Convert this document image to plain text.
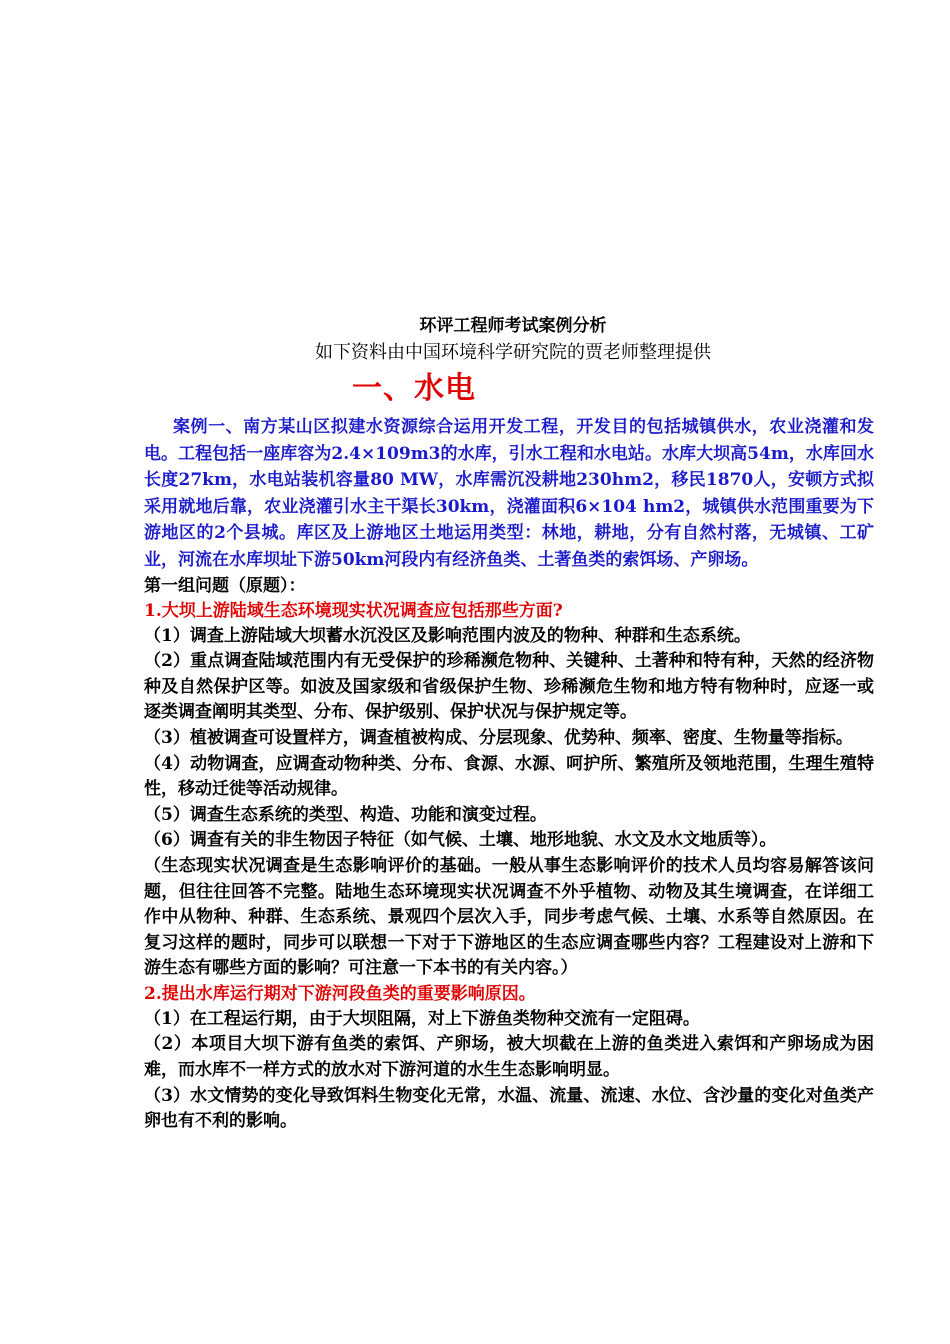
环评工程师考试案例分析

如下资料由中国环境科学研究院的贾老师整理提供

一、水电

案例一、南方某山区拟建水资源综合运用开发工程，开发目的包括城镇供水，农业浇灌和发电。工程包括一座库容为2.4×109m3的水库，引水工程和水电站。水库大坝高54m，水库回水长度27km，水电站装机容量80 MW，水库需沉没耕地230hm2，移民1870人，安顿方式拟采用就地后靠，农业浇灌引水主干渠长30km，浇灌面积6×104 hm2，城镇供水范围重要为下游地区的2个县城。库区及上游地区土地运用类型：林地，耕地，分有自然村落，无城镇、工矿业，河流在水库坝址下游50km河段内有经济鱼类、土著鱼类的索饵场、产卵场。

第一组问题（原题）：

1.大坝上游陆域生态环境现实状况调查应包括那些方面?

（1）调查上游陆域大坝蓄水沉没区及影响范围内波及的物种、种群和生态系统。

（2）重点调查陆域范围内有无受保护的珍稀濒危物种、关键种、土著种和特有种，天然的经济物种及自然保护区等。如波及国家级和省级保护生物、珍稀濒危生物和地方特有物种时，应逐一或逐类调查阐明其类型、分布、保护级别、保护状况与保护规定等。

（3）植被调查可设置样方，调查植被构成、分层现象、优势种、频率、密度、生物量等指标。

（4）动物调查，应调查动物种类、分布、食源、水源、呵护所、繁殖所及领地范围，生理生殖特性，移动迁徙等活动规律。

（5）调查生态系统的类型、构造、功能和演变过程。

（6）调查有关的非生物因子特征（如气候、土壤、地形地貌、水文及水文地质等）。

（生态现实状况调查是生态影响评价的基础。一般从事生态影响评价的技术人员均容易解答该问题，但往往回答不完整。陆地生态环境现实状况调查不外乎植物、动物及其生境调查，在详细工作中从物种、种群、生态系统、景观四个层次入手，同步考虑气候、土壤、水系等自然原因。在复习这样的题时，同步可以联想一下对于下游地区的生态应调查哪些内容？工程建设对上游和下游生态有哪些方面的影响？可注意一下本书的有关内容。）

2.提出水库运行期对下游河段鱼类的重要影响原因。

（1）在工程运行期，由于大坝阻隔，对上下游鱼类物种交流有一定阻碍。

（2）本项目大坝下游有鱼类的索饵、产卵场，被大坝截在上游的鱼类进入索饵和产卵场成为困难，而水库不一样方式的放水对下游河道的水生生态影响明显。

（3）水文情势的变化导致饵料生物变化无常，水温、流量、流速、水位、含沙量的变化对鱼类产卵也有不利的影响。
